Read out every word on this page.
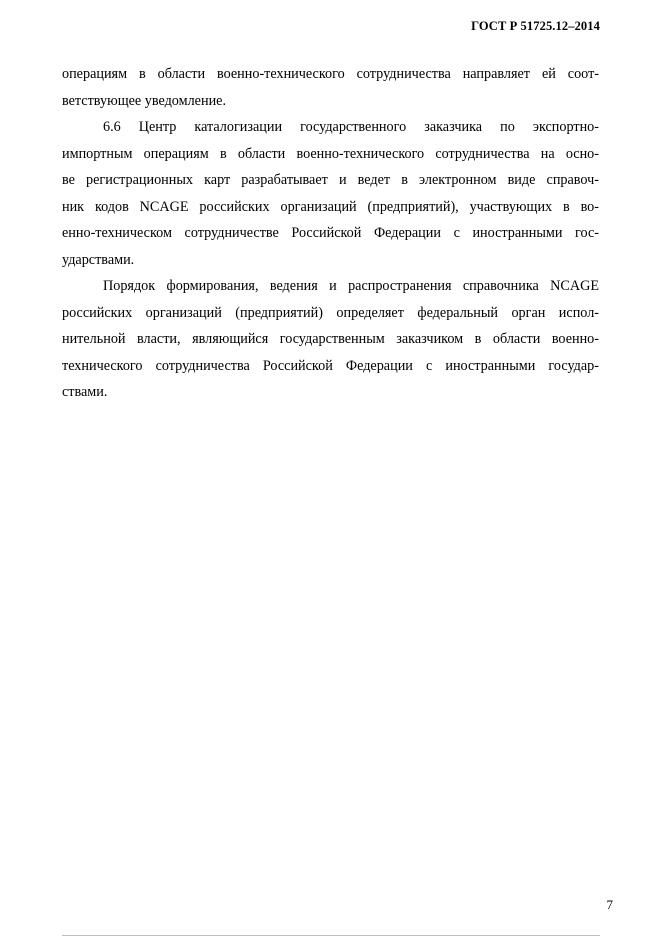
ГОСТ Р 51725.12–2014
операциям в области военно-технического сотрудничества направляет ей соот-
ветствующее уведомление.
6.6 Центр каталогизации государственного заказчика по экспортно-
импортным операциям в области военно-технического сотрудничества на осно-
ве регистрационных карт разрабатывает и ведет в электронном виде справоч-
ник кодов NCAGE российских организаций (предприятий), участвующих в во-
енно-техническом сотрудничестве Российской Федерации с иностранными гос-
ударствами.
Порядок формирования, ведения и распространения справочника NCAGE
российских организаций (предприятий) определяет федеральный орган испол-
нительной власти, являющийся государственным заказчиком в области военно-
технического сотрудничества Российской Федерации с иностранными государ-
ствами.
7
